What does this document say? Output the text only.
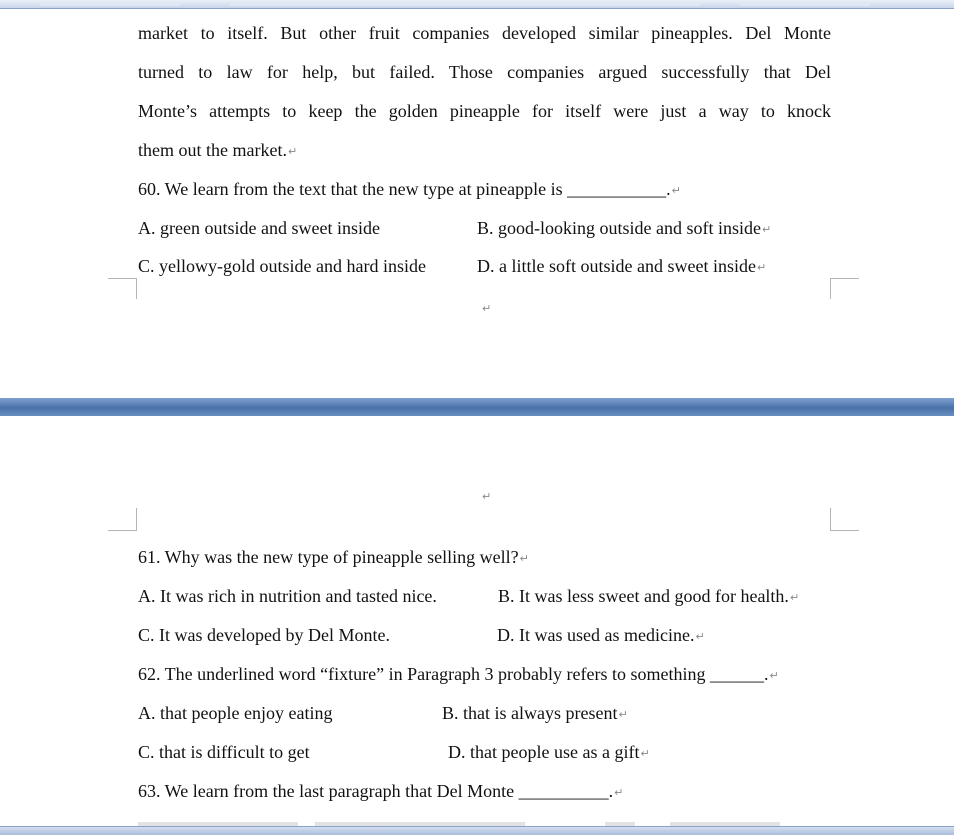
market to itself. But other fruit companies developed similar pineapples. Del Monte
turned to law for help, but failed. Those companies argued successfully that Del
Monte’s attempts to keep the golden pineapple for itself were just a way to knock
them out the market.↵
60. We learn from the text that the new type at pineapple is ___________.↵
A. green outside and sweet inside	B. good-looking outside and soft inside↵
C. yellowy-gold outside and hard inside	D. a little soft outside and sweet inside↵
↵
↵
61. Why was the new type of pineapple selling well?↵
A. It was rich in nutrition and tasted nice.	B. It was less sweet and good for health.↵
C. It was developed by Del Monte.	D. It was used as medicine.↵
62. The underlined word “fixture” in Paragraph 3 probably refers to something ______.↵
A. that people enjoy eating	B. that is always present↵
C. that is difficult to get	D. that people use as a gift↵
63. We learn from the last paragraph that Del Monte __________.↵
